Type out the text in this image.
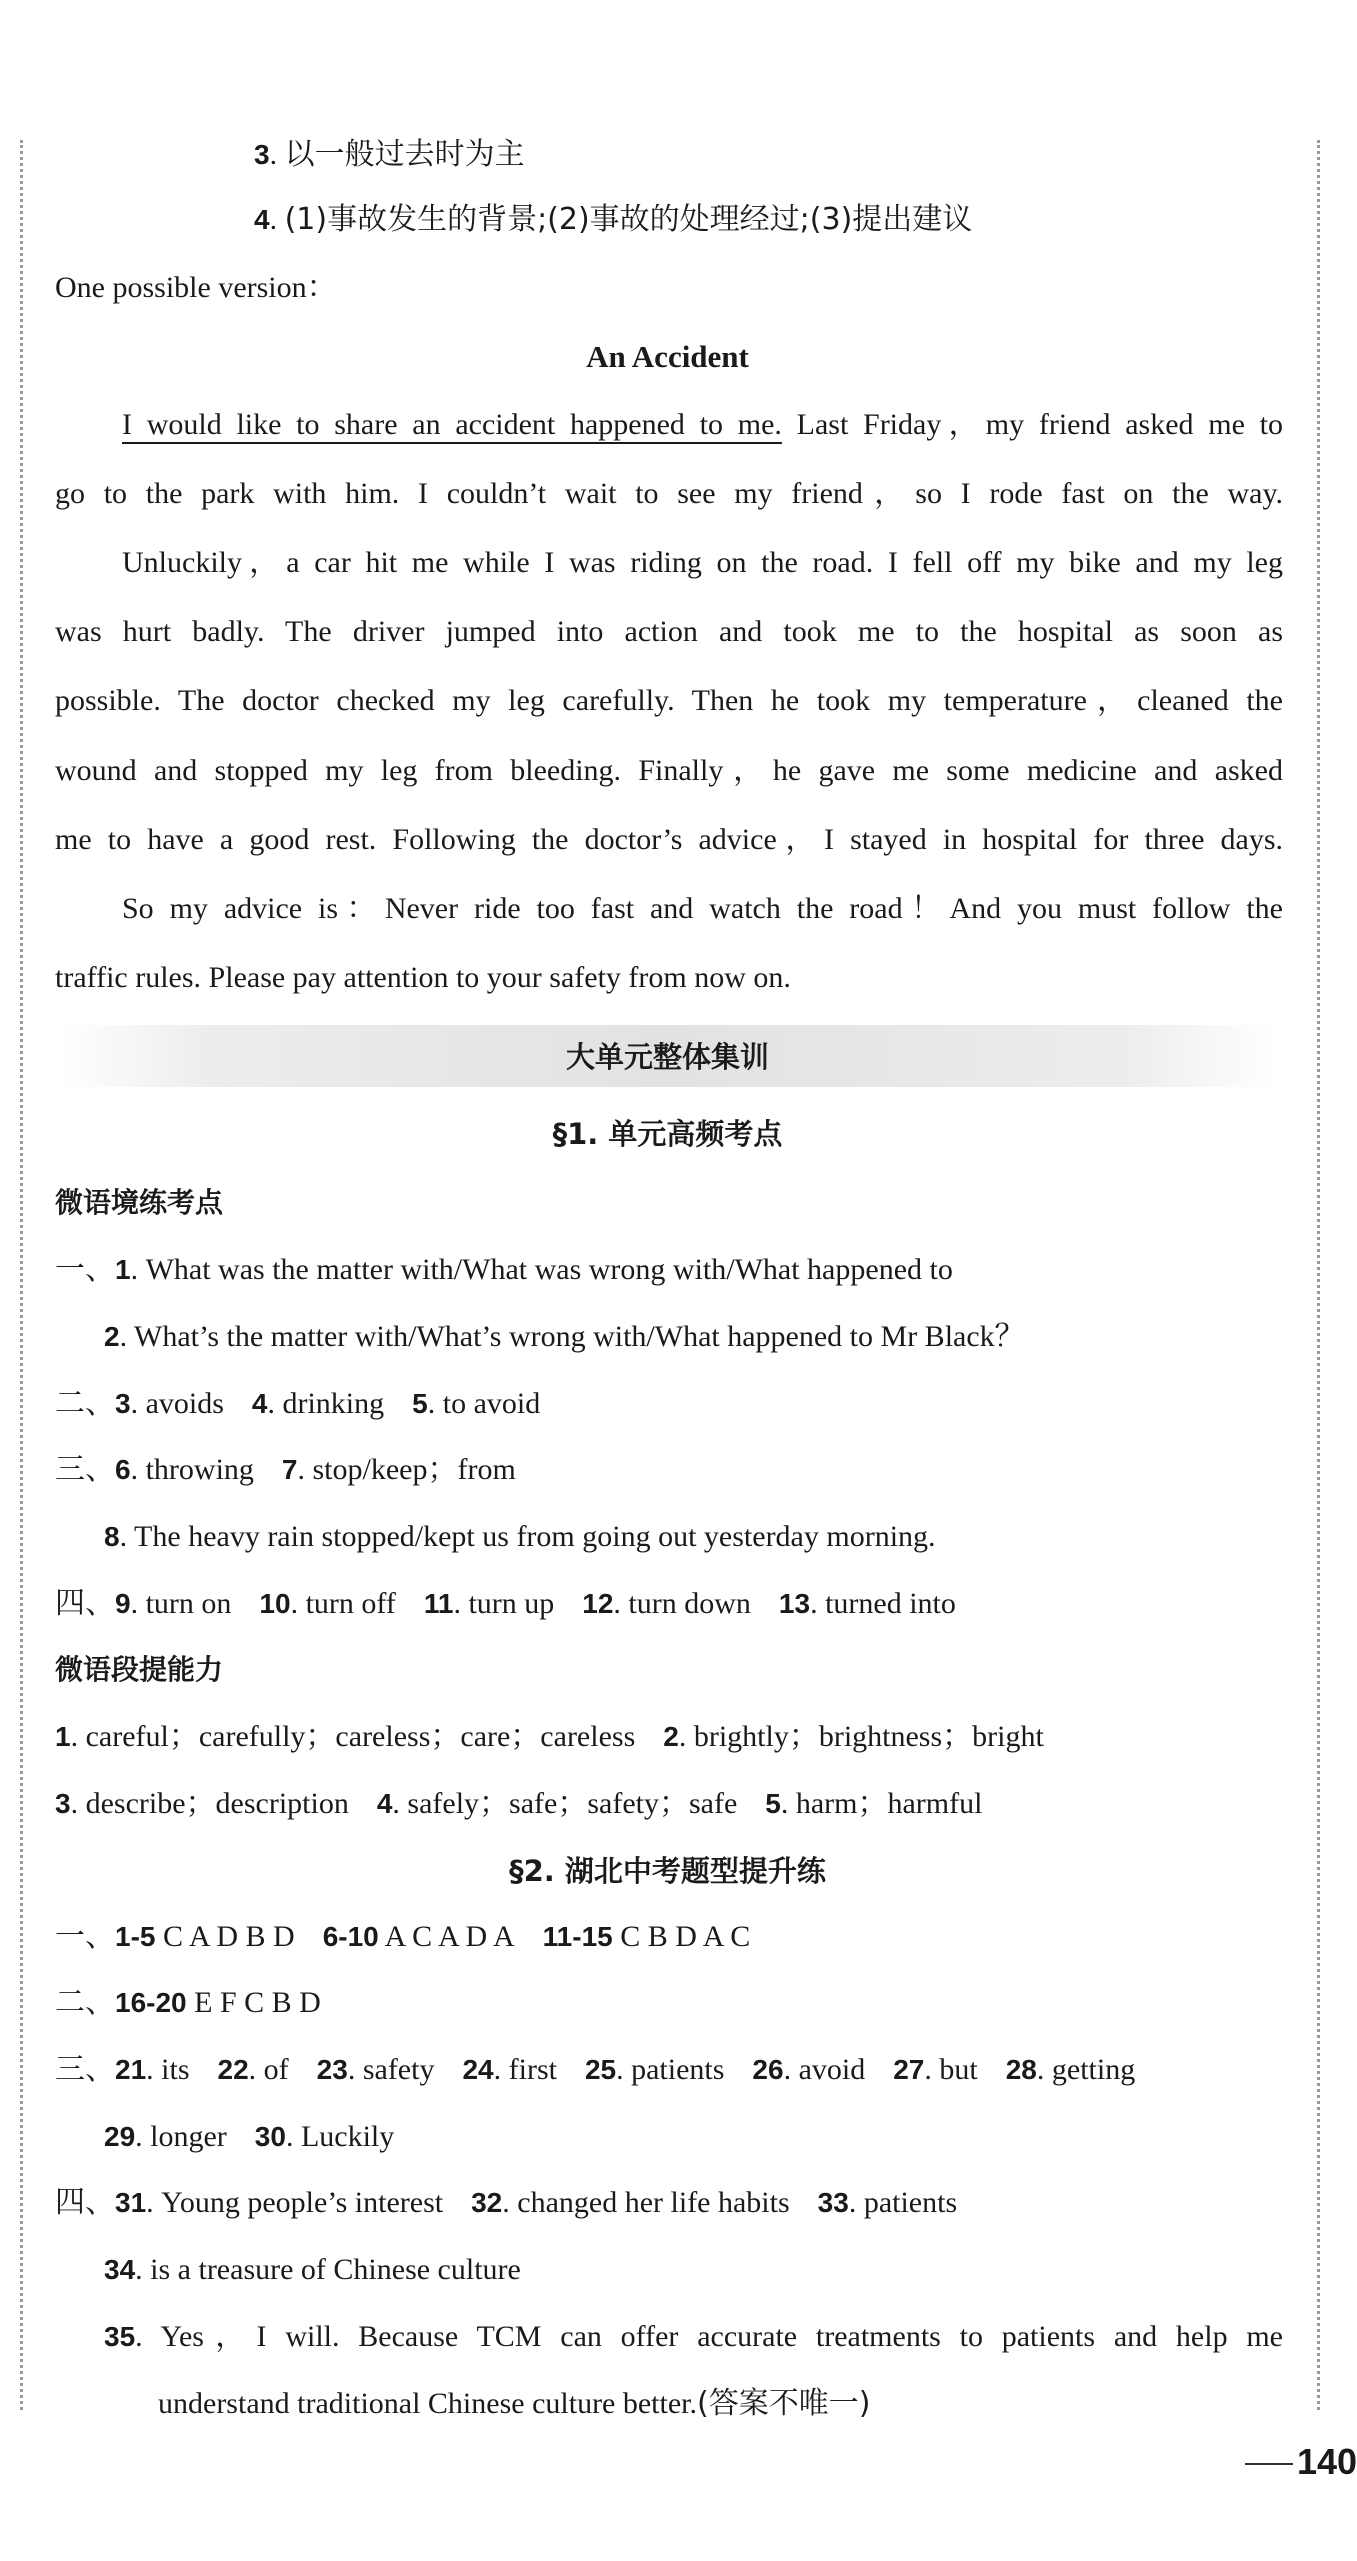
3. 以一般过去时为主
4. (1)事故发生的背景;(2)事故的处理经过;(3)提出建议
One possible version：
An Accident
I would like to share an accident happened to me. Last Friday，my friend asked me to
go to the park with him. I couldn’t wait to see my friend，so I rode fast on the way.
Unluckily，a car hit me while I was riding on the road. I fell off my bike and my leg
was hurt badly. The driver jumped into action and took me to the hospital as soon as
possible. The doctor checked my leg carefully. Then he took my temperature，cleaned the
wound and stopped my leg from bleeding. Finally，he gave me some medicine and asked
me to have a good rest. Following the doctor’s advice，I stayed in hospital for three days.
So my advice is：Never ride too fast and watch the road！And you must follow the
traffic rules. Please pay attention to your safety from now on.
大单元整体集训
§1. 单元高频考点
微语境练考点
一、1. What was the matter with/What was wrong with/What happened to
2. What’s the matter with/What’s wrong with/What happened to Mr Black？
二、3. avoids 4. drinking 5. to avoid
三、6. throwing 7. stop/keep；from
8. The heavy rain stopped/kept us from going out yesterday morning.
四、9. turn on 10. turn off 11. turn up 12. turn down 13. turned into
微语段提能力
1. careful；carefully；careless；care；careless 2. brightly；brightness；bright
3. describe；description 4. safely；safe；safety；safe 5. harm；harmful
§2. 湖北中考题型提升练
一、1-5 C A D B D 6-10 A C A D A 11-15 C B D A C
二、16-20 E F C B D
三、21. its 22. of 23. safety 24. first 25. patients 26. avoid 27. but 28. getting
29. longer 30. Luckily
四、31. Young people’s interest 32. changed her life habits 33. patients
34. is a treasure of Chinese culture
35. Yes，I will. Because TCM can offer accurate treatments to patients and help me
understand traditional Chinese culture better.(答案不唯一)
140
